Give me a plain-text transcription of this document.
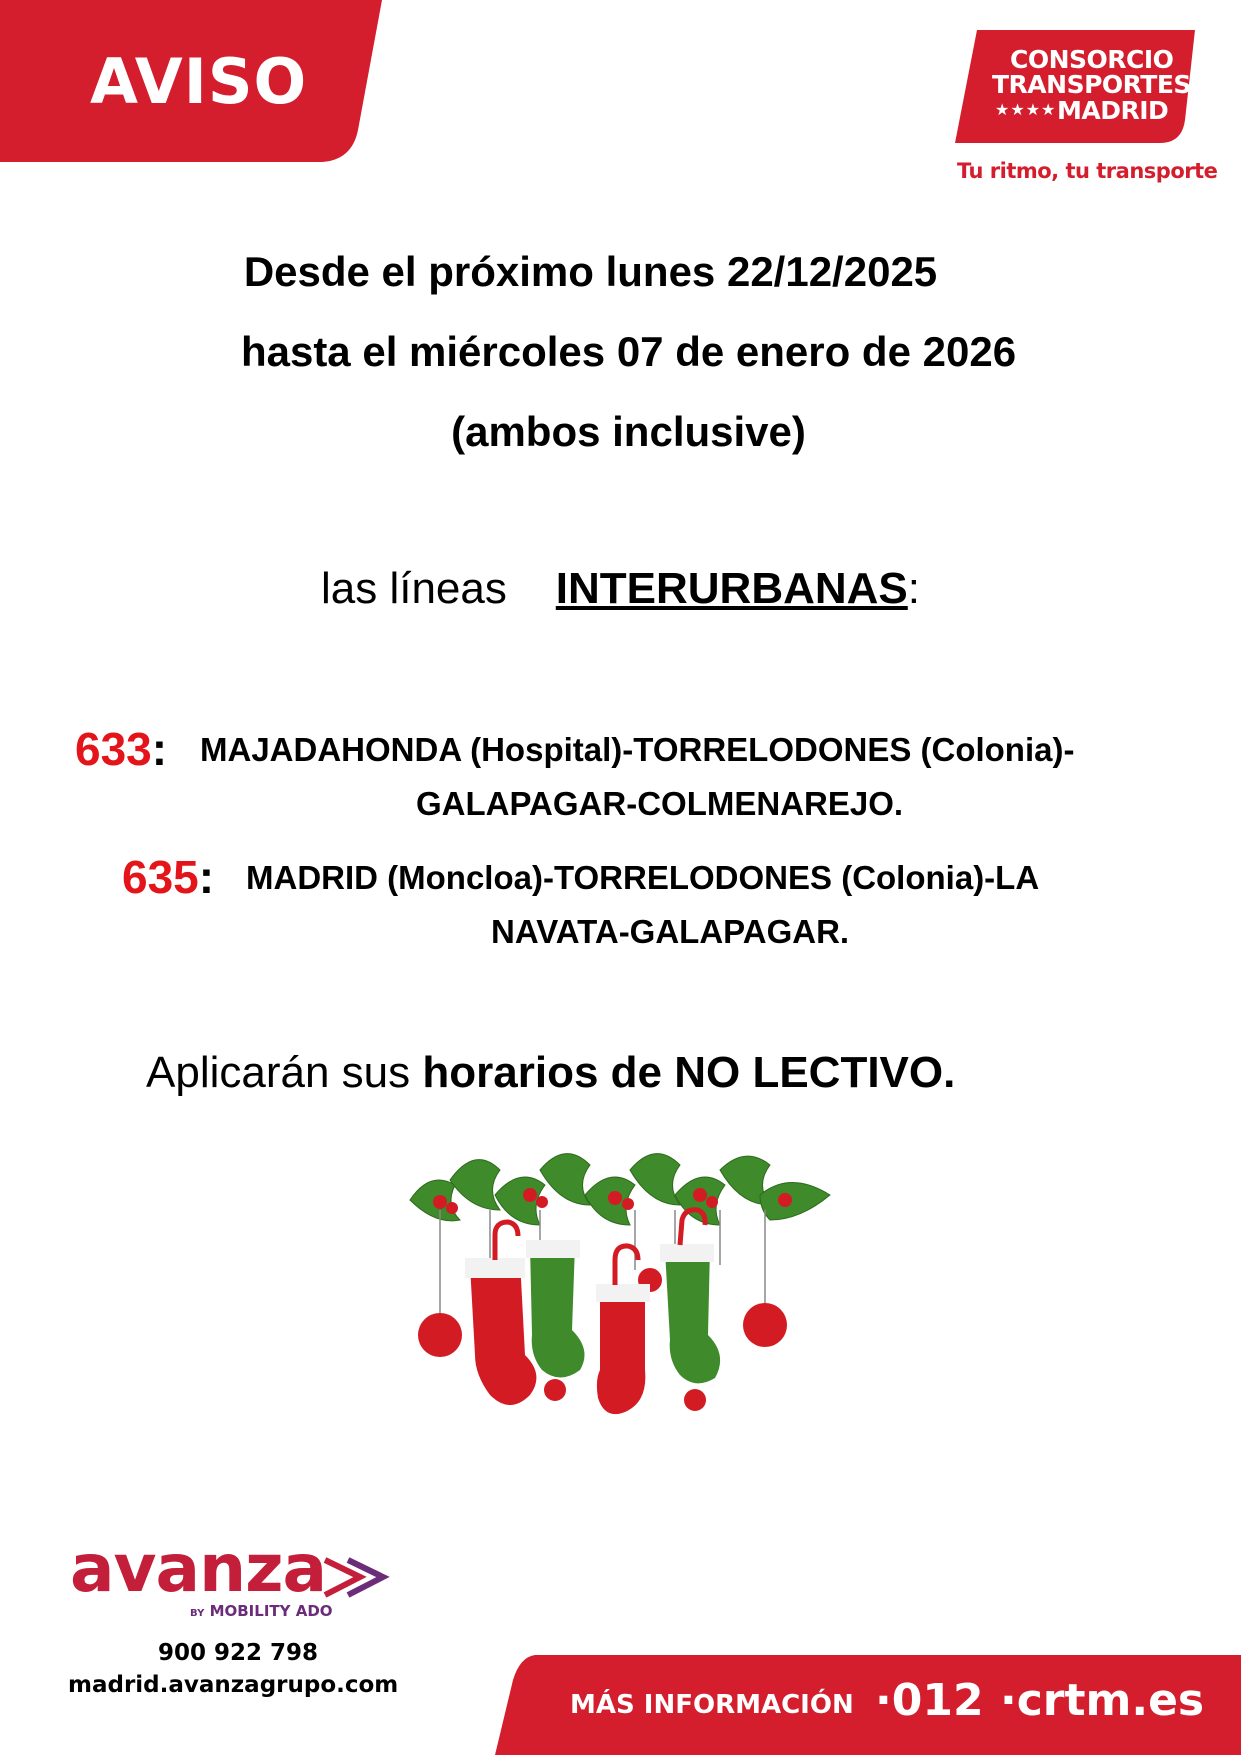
AVISO	CONSORCIO
TRANSPORTES
★★★★ MADRID
Tu ritmo, tu transporte
Desde el próximo lunes 22/12/2025
hasta el miércoles 07 de enero de 2026
(ambos inclusive)
las líneas INTERURBANAS:
633: MAJADAHONDA (Hospital)-TORRELODONES (Colonia)-
GALAPAGAR-COLMENAREJO.
635: MADRID (Moncloa)-TORRELODONES (Colonia)-LA
NAVATA-GALAPAGAR.
Aplicarán sus horarios de NO LECTIVO.
avanza
BY MOBILITY ADO
900 922 798
madrid.avanzagrupo.com
MÁS INFORMACIÓN ·012 ·crtm.es
